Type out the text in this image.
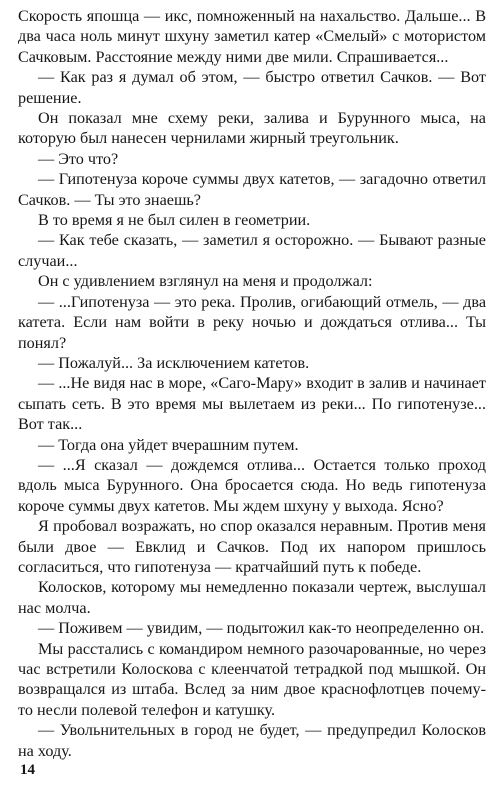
Скорость япошца — икс, помноженный на нахальство. Дальше... В два часа ноль минут шхуну заметил катер «Смелый» с мотористом Сачковым. Расстояние между ними две мили. Спрашивается...

— Как раз я думал об этом, — быстро ответил Сачков. — Вот решение.

Он показал мне схему реки, залива и Бурунного мыса, на которую был нанесен чернилами жирный треугольник.

— Это что?

— Гипотенуза короче суммы двух катетов, — загадочно ответил Сачков. — Ты это знаешь?

В то время я не был силен в геометрии.

— Как тебе сказать, — заметил я осторожно. — Бывают разные случаи...

Он с удивлением взглянул на меня и продолжал:

— ...Гипотенуза — это река. Пролив, огибающий отмель, — два катета. Если нам войти в реку ночью и дождаться отлива... Ты понял?

— Пожалуй... За исключением катетов.

— ...Не видя нас в море, «Саго-Мару» входит в залив и начинает сыпать сеть. В это время мы вылетаем из реки... По гипотенузе... Вот так...

— Тогда она уйдет вчерашним путем.

— ...Я сказал — дождемся отлива... Остается только проход вдоль мыса Бурунного. Она бросается сюда. Но ведь гипотенуза короче суммы двух катетов. Мы ждем шхуну у выхода. Ясно?

Я пробовал возражать, но спор оказался неравным. Против меня были двое — Евклид и Сачков. Под их напором пришлось согласиться, что гипотенуза — кратчайший путь к победе.

Колосков, которому мы немедленно показали чертеж, выслушал нас молча.

— Поживем — увидим, — подытожил как-то неопределенно он.

Мы расстались с командиром немного разочарованные, но через час встретили Колоскова с клеенчатой тетрадкой под мышкой. Он возвращался из штаба. Вслед за ним двое краснофлотцев почему-то несли полевой телефон и катушку.

— Увольнительных в город не будет, — предупредил Колосков на ходу.

14
